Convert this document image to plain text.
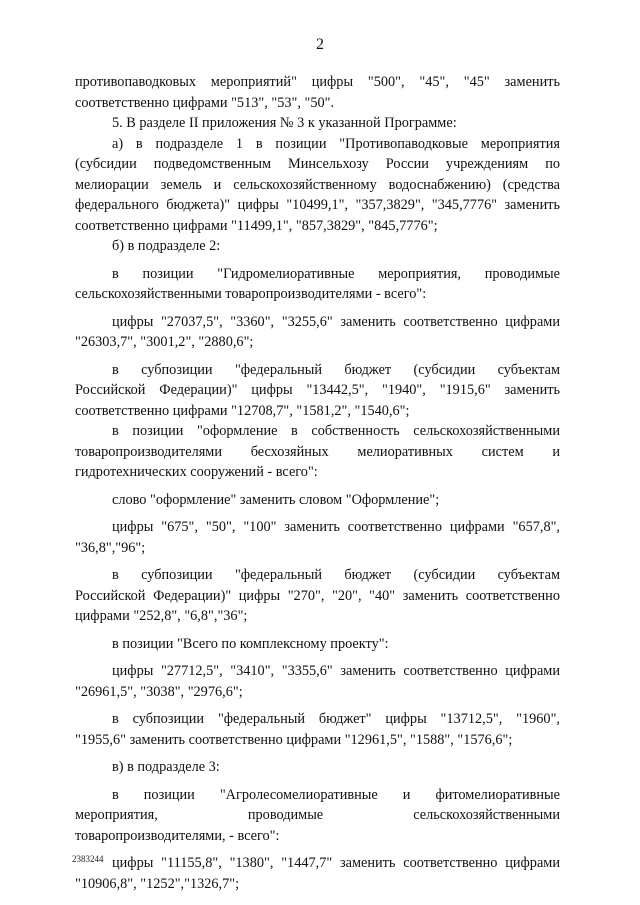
2

противопаводковых мероприятий" цифры "500", "45", "45" заменить

соответственно цифрами "513", "53", "50".

5. В разделе II приложения № 3 к указанной Программе:

а) в подразделе 1 в позиции "Противопаводковые мероприятия

(субсидии подведомственным Минсельхозу России учреждениям по

мелиорации земель и сельскохозяйственному водоснабжению) (средства

федерального бюджета)" цифры "10499,1", "357,3829", "345,7776" заменить

соответственно цифрами "11499,1", "857,3829", "845,7776";

б) в подразделе 2:

в позиции "Гидромелиоративные мероприятия, проводимые

сельскохозяйственными товаропроизводителями - всего":

цифры "27037,5", "3360", "3255,6" заменить соответственно цифрами

"26303,7", "3001,2", "2880,6";

в субпозиции "федеральный бюджет (субсидии субъектам

Российской Федерации)" цифры "13442,5", "1940", "1915,6" заменить

соответственно цифрами "12708,7", "1581,2", "1540,6";

в позиции "оформление в собственность сельскохозяйственными

товаропроизводителями бесхозяйных мелиоративных систем и

гидротехнических сооружений - всего":

слово "оформление" заменить словом "Оформление";

цифры "675", "50", "100" заменить соответственно цифрами "657,8",

"36,8","96";

в субпозиции "федеральный бюджет (субсидии субъектам

Российской Федерации)" цифры "270", "20", "40" заменить соответственно

цифрами "252,8", "6,8","36";

в позиции "Всего по комплексному проекту":

цифры "27712,5", "3410", "3355,6" заменить соответственно цифрами

"26961,5", "3038", "2976,6";

в субпозиции "федеральный бюджет" цифры "13712,5", "1960",

"1955,6" заменить соответственно цифрами "12961,5", "1588", "1576,6";

в) в подразделе 3:

в позиции "Агролесомелиоративные и фитомелиоративные

мероприятия, проводимые сельскохозяйственными

товаропроизводителями, - всего":

цифры "11155,8", "1380", "1447,7" заменить соответственно цифрами

"10906,8", "1252","1326,7";

2383244
